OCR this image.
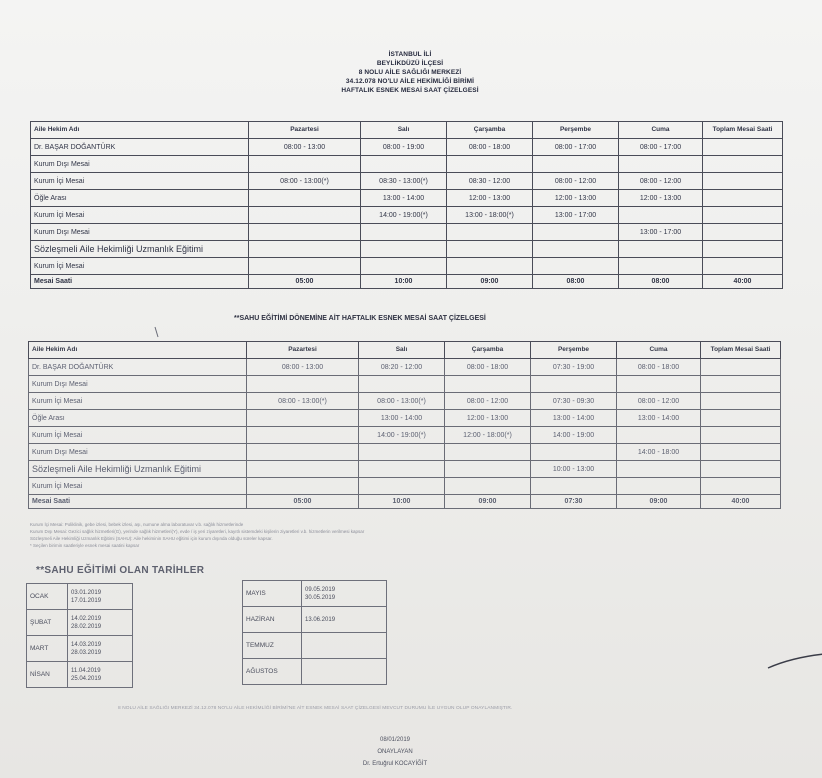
İSTANBUL İLİ
BEYLİKDÜZÜ İLÇESİ
8 NOLU AİLE SAĞLIĞI MERKEZİ
34.12.078 NO'LU AİLE HEKİMLİĞİ BİRİMİ
HAFTALIK ESNEK MESAİ SAAT ÇİZELGESİ
Aile Hekim Adı	Pazartesi	Salı	Çarşamba	Perşembe	Cuma	Toplam Mesai Saati
Dr. BAŞAR DOĞANTÜRK	08:00 - 13:00	08:00 - 19:00	08:00 - 18:00	08:00 - 17:00	08:00 - 17:00	
Kurum Dışı Mesai						
Kurum İçi Mesai	08:00 - 13:00(*)	08:30 - 13:00(*)	08:30 - 12:00	08:00 - 12:00	08:00 - 12:00	
Öğle Arası		13:00 - 14:00	12:00 - 13:00	12:00 - 13:00	12:00 - 13:00	
Kurum İçi Mesai		14:00 - 19:00(*)	13:00 - 18:00(*)	13:00 - 17:00		
Kurum Dışı Mesai					13:00 - 17:00	
Sözleşmeli Aile Hekimliği Uzmanlık Eğitimi						
Kurum İçi Mesai						
Mesai Saati	05:00	10:00	09:00	08:00	08:00	40:00
**SAHU EĞİTİMİ DÖNEMİNE AİT HAFTALIK ESNEK MESAİ SAAT ÇİZELGESİ
Aile Hekim Adı	Pazartesi	Salı	Çarşamba	Perşembe	Cuma	Toplam Mesai Saati
Dr. BAŞAR DOĞANTÜRK	08:00 - 13:00	08:20 - 12:00	08:00 - 18:00	07:30 - 19:00	08:00 - 18:00	
Kurum Dışı Mesai						
Kurum İçi Mesai	08:00 - 13:00(*)	08:00 - 13:00(*)	08:00 - 12:00	07:30 - 09:30	08:00 - 12:00	
Öğle Arası		13:00 - 14:00	12:00 - 13:00	13:00 - 14:00	13:00 - 14:00	
Kurum İçi Mesai		14:00 - 19:00(*)	12:00 - 18:00(*)	14:00 - 19:00		
Kurum Dışı Mesai					14:00 - 18:00	
Sözleşmeli Aile Hekimliği Uzmanlık Eğitimi				10:00 - 13:00		
Kurum İçi Mesai						
Mesai Saati	05:00	10:00	09:00	07:30	09:00	40:00
Kurum İçi Mesai: Poliklinik, gebe izlesi, bebek izlesi, aşı, numune alma laboratuvar v.b. sağlık hizmetlerinde
Kurum Dışı Mesai: Gezici sağlık hizmetleri(G), yerinde sağlık hizmetleri(Y), evde / iş yeri ziyaretleri, kayıtlı sistemdeki kişilerin ziyaretleri v.b. hizmetlerin verilmesi kapsar
Sözleşmeli Aile Hekimliği Uzmanlık Eğitimi (SAHU): Aile hekiminin SAHU eğitimi için kurum dışında olduğu süreler kapsar.
* Seçilen birimin saatleriyle esnek mesai saatini kapsar
**SAHU EĞİTİMİ OLAN TARİHLER
OCAK	03.01.2019
17.01.2019

ŞUBAT	14.02.2019
28.02.2019

MART	14.03.2019
28.03.2019

NİSAN	11.04.2019
25.04.2019
MAYIS	09.05.2019
30.05.2019

HAZİRAN	13.06.2019

TEMMUZ	
AĞUSTOS	
8 NOLU AİLE SAĞLIĞI MERKEZİ 34.12.078 NO'LU AİLE HEKİMLİĞİ BİRİMİ'NE AİT ESNEK MESAİ SAAT ÇİZELGESİ MEVCUT DURUMU İLE UYGUN OLUP ONAYLANMIŞTIR.
08/01/2019
ONAYLAYAN
Dr. Ertuğrul KOCAYİĞİT
